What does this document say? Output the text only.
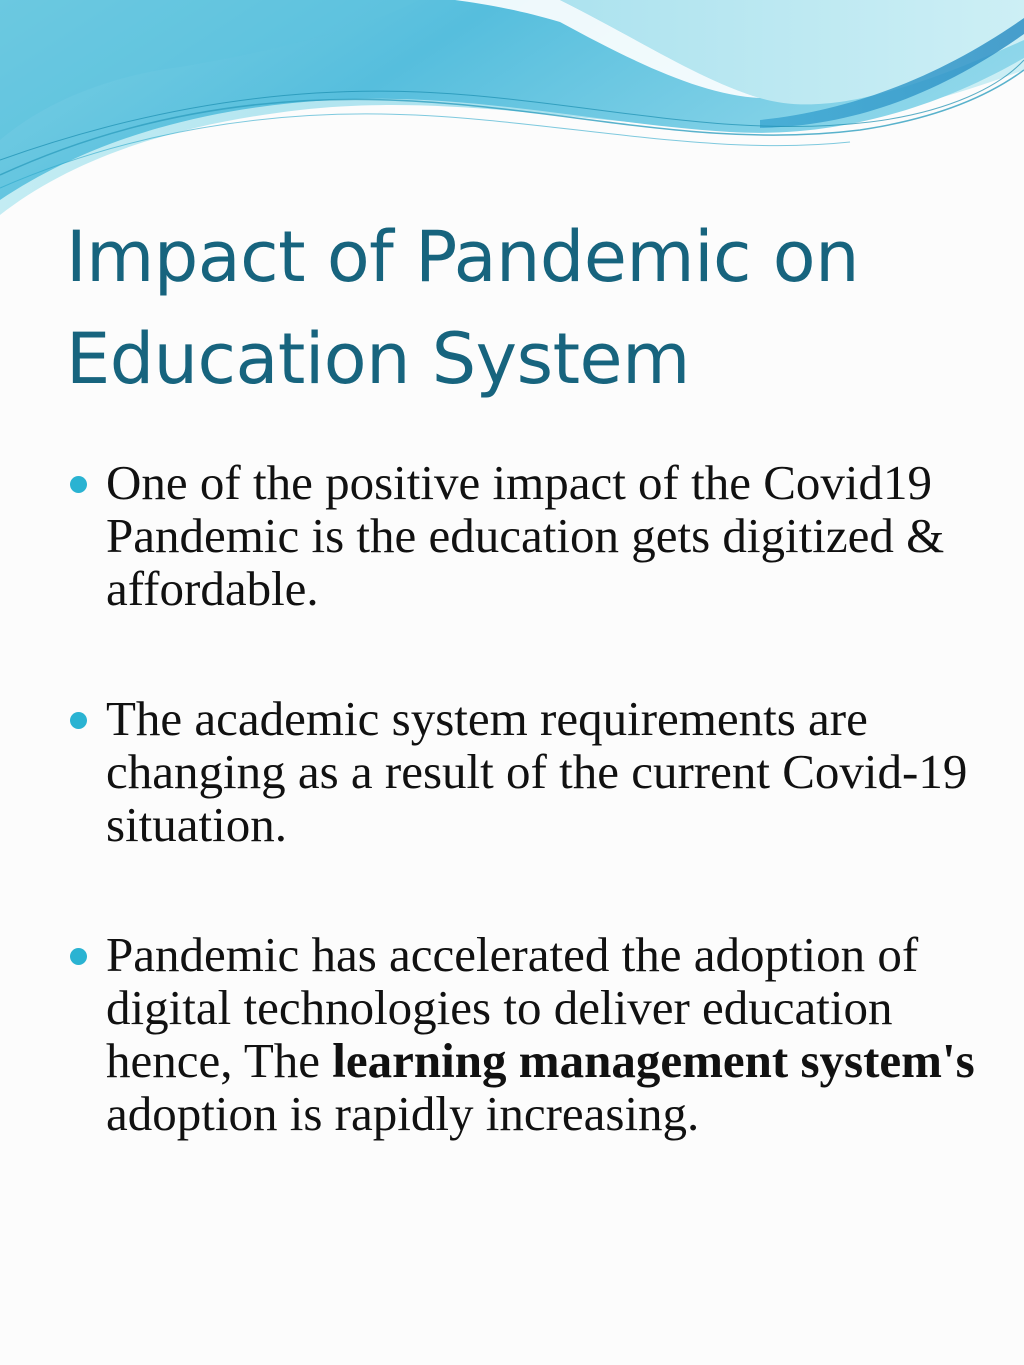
Impact of Pandemic on
Education System
One of the positive impact of the Covid19 Pandemic is the education gets digitized & affordable.
The academic system requirements are changing as a result of the current Covid-19 situation.
Pandemic has accelerated the adoption of digital technologies to deliver education hence, The learning management system's adoption is rapidly increasing.
